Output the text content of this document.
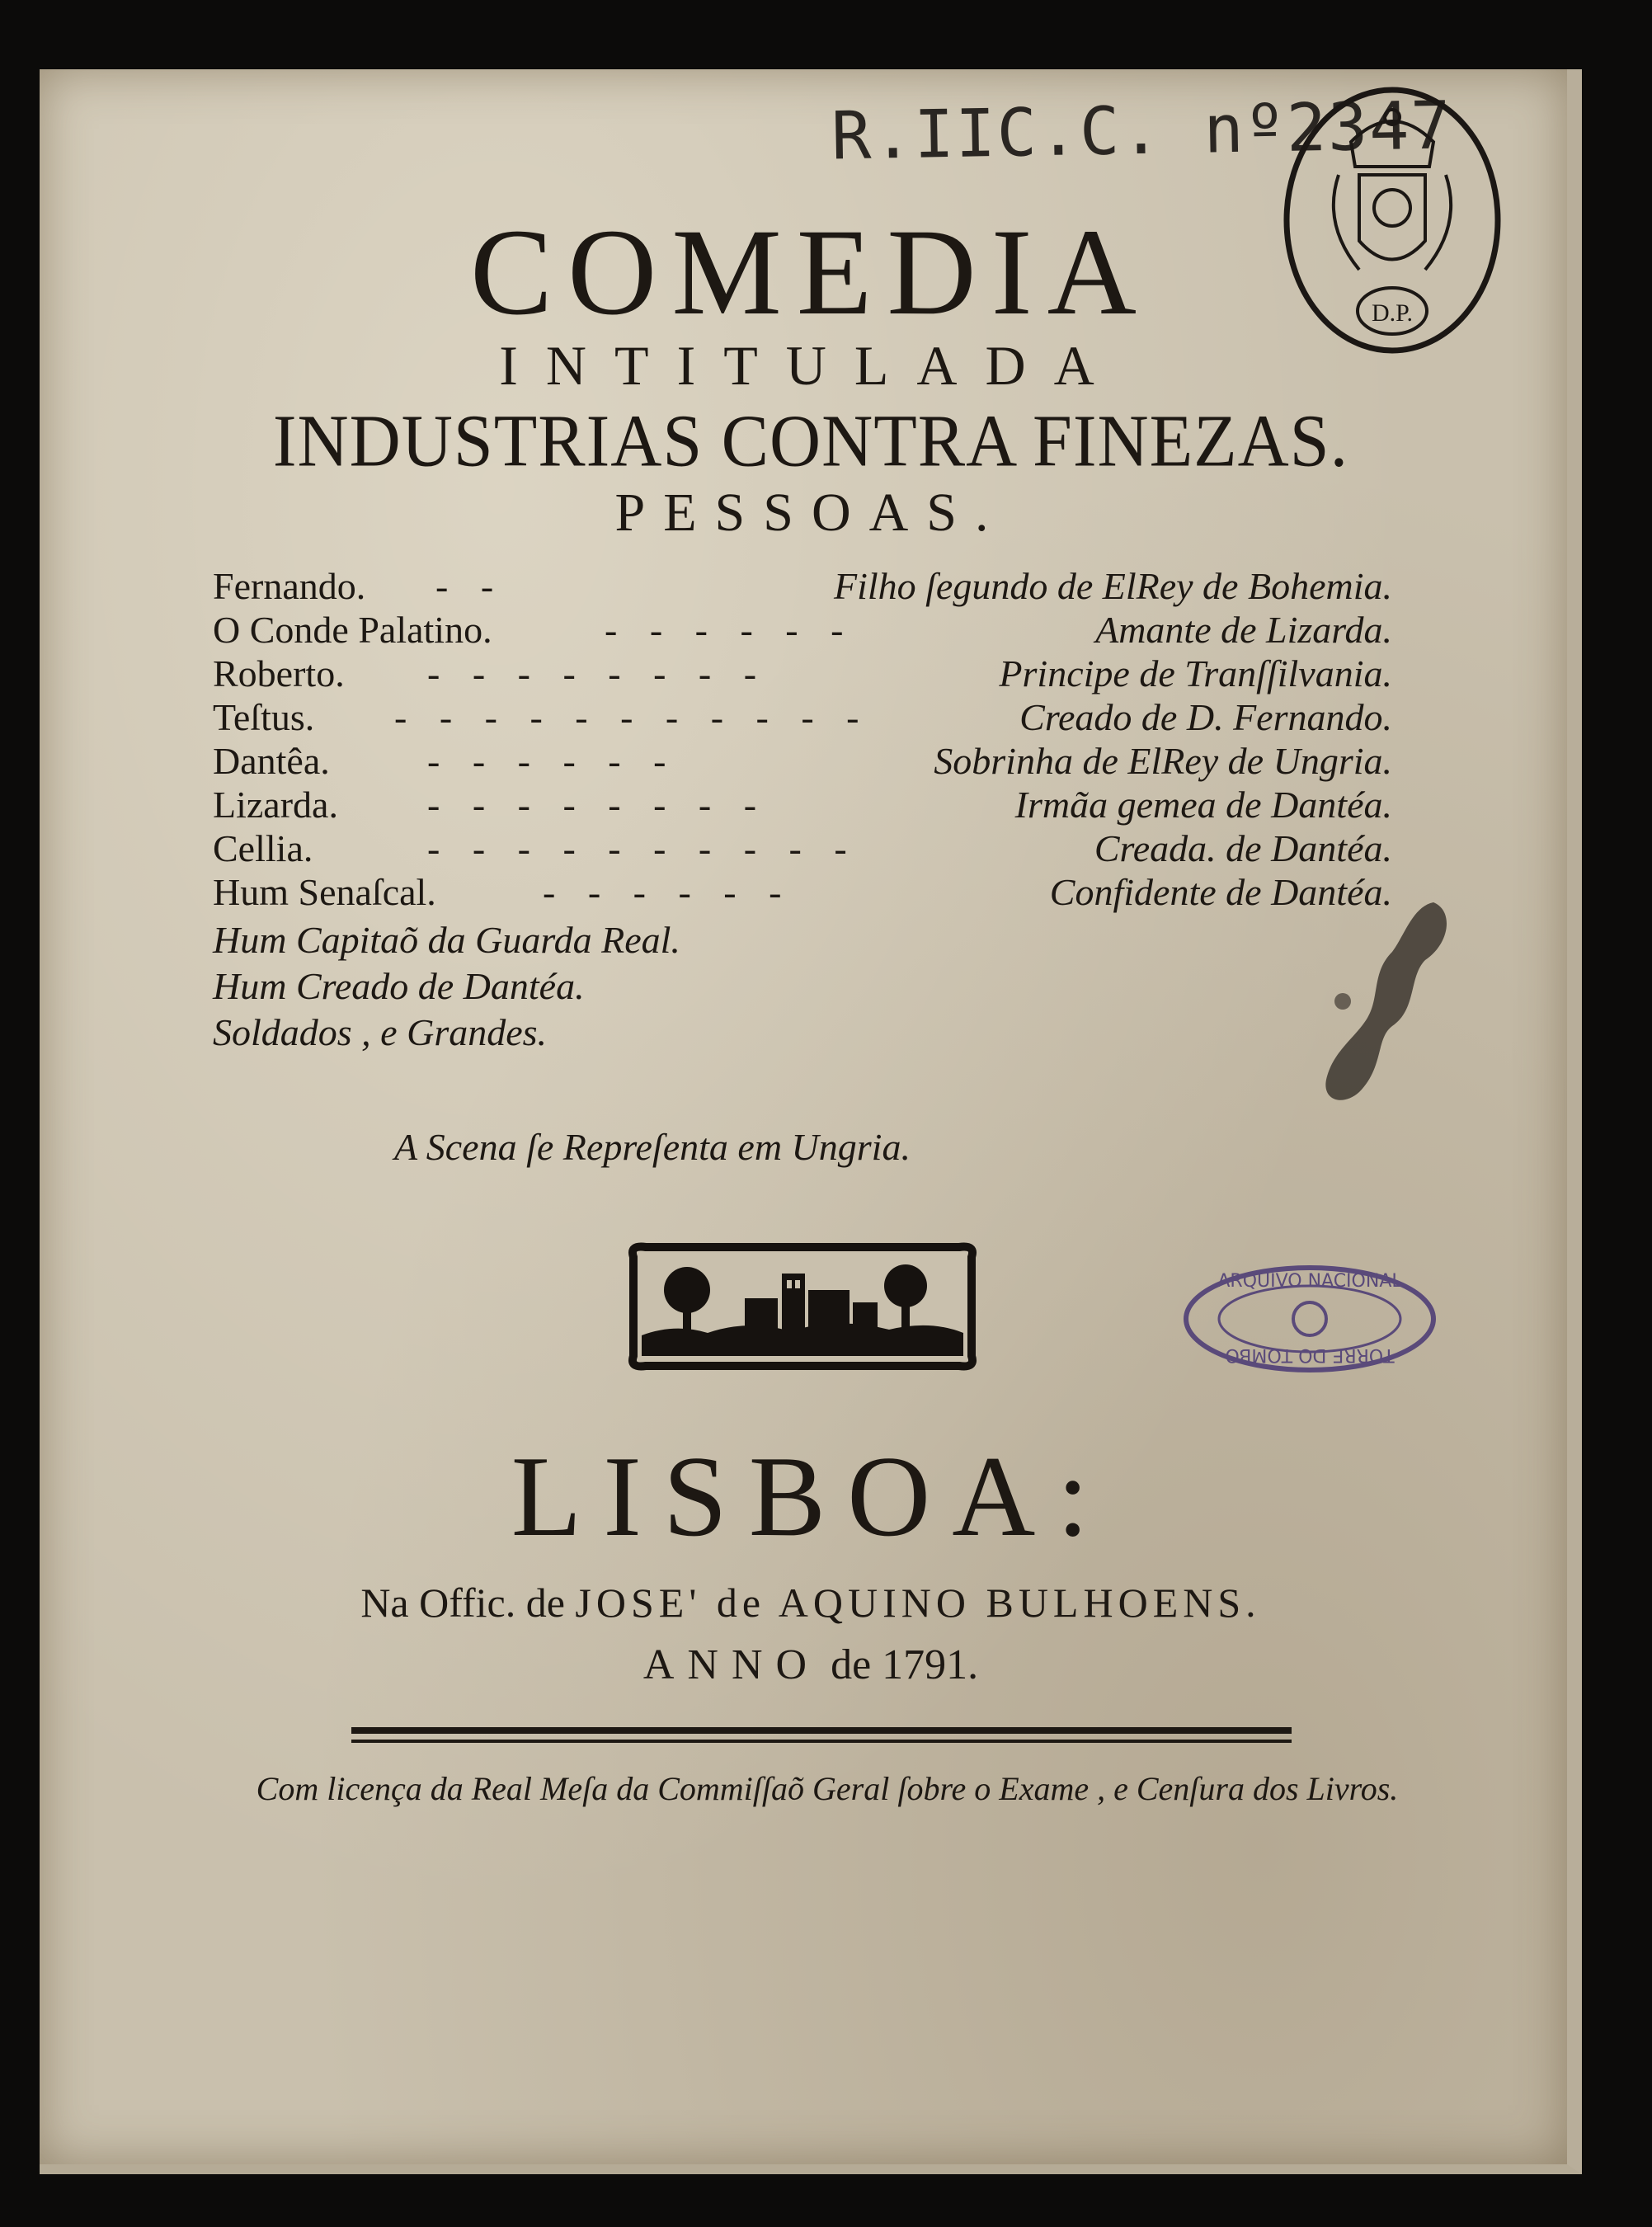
R.IIC.C. nº2347
D.P.
COMEDIA
INTITULADA
INDUSTRIAS CONTRA FINEZAS.
PESSOAS.
Fernando. - -	Filho ſegundo de ElRey de Bohemia.
O Conde Palatino.	- - - - - -	Amante de Lizarda.
Roberto. - - - - - - - -	Principe de Tranſſilvania.
Teſtus. - - - - - - - - - - -	Creado de D. Fernando.
Dantêa.	- - - - - -	Sobrinha de ElRey de Ungria.
Lizarda. - - - - - - - -	Irmãa gemea de Dantéa.
Cellia.	- - - - - - - - - -	Creada. de Dantéa.
Hum Senaſcal.	- - - - - -	Confidente de Dantéa.
Hum Capitaõ da Guarda Real.
Hum Creado de Dantéa.
Soldados , e Grandes.
A Scena ſe Repreſenta em Ungria.
ARQUIVO NACIONAL
TORRE DO TOMBO
LISBOA:
Na Offic. de JOSE' de AQUINO BULHOENS.
ANNO de 1791.
Com licença da Real Meſa da Commiſſaõ Geral ſobre o Exame , e Cenſura dos Livros.
